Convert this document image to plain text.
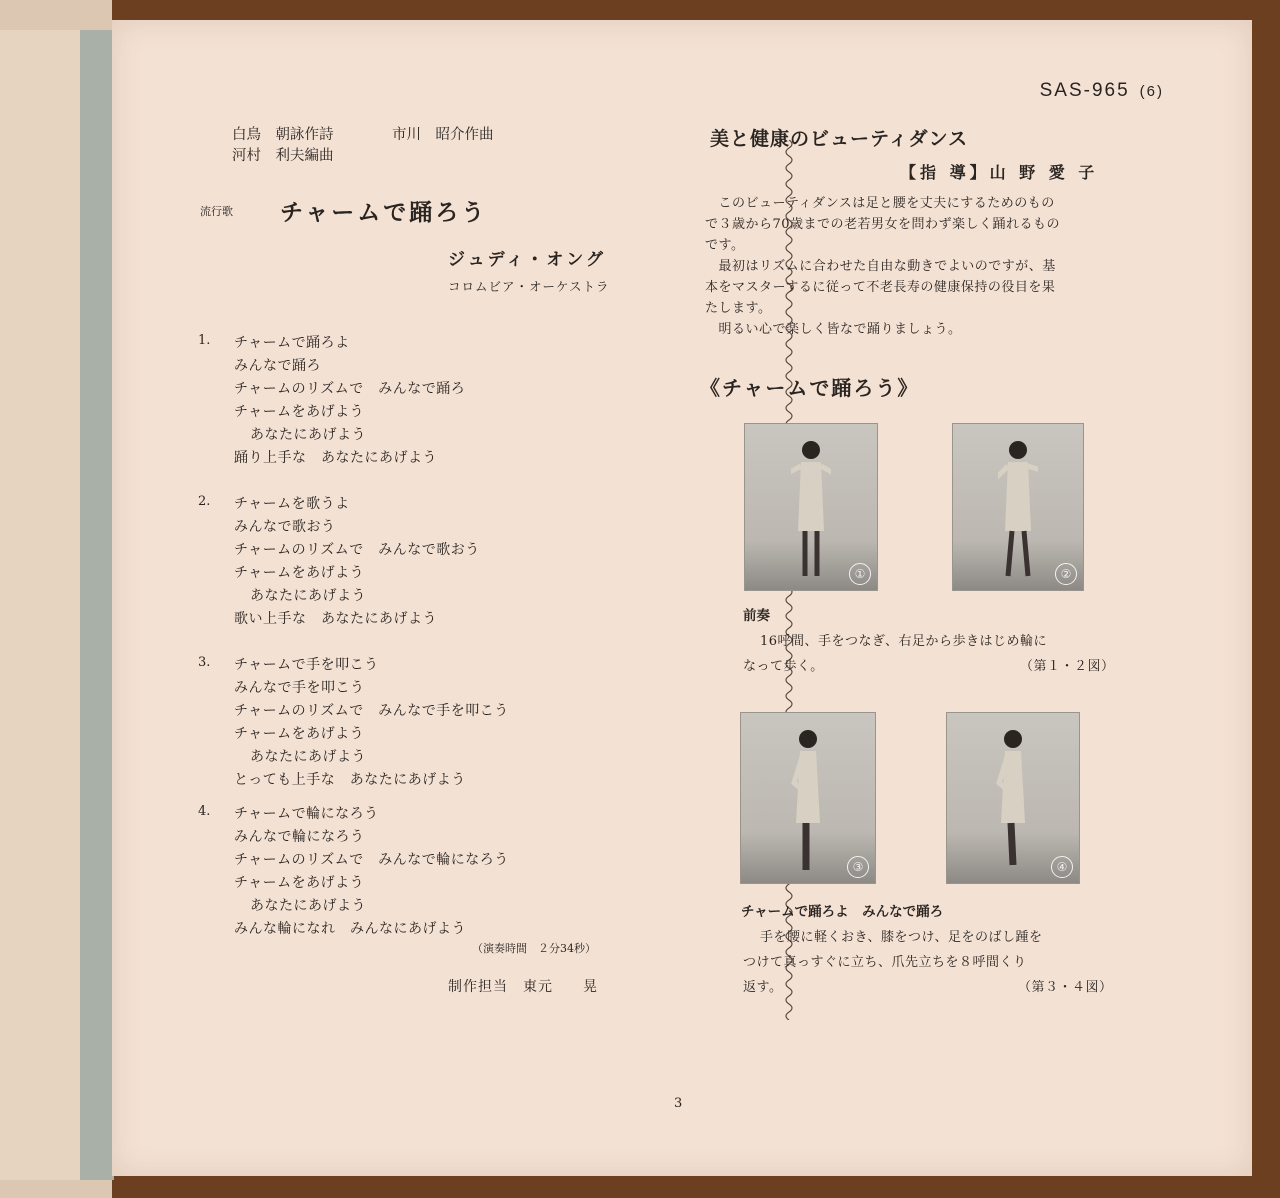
SAS-965 (6)
白鳥　朝詠作詩	市川　昭介作曲
河村　利夫編曲
流行歌 チャームで踊ろう
ジュディ・オング
コロムビア・オーケストラ
1. チャームで踊ろよ
みんなで踊ろ
チャームのリズムで　みんなで踊ろ
チャームをあげよう
あなたにあげよう
踊り上手な　あなたにあげよう
2. チャームを歌うよ
みんなで歌おう
チャームのリズムで　みんなで歌おう
チャームをあげよう
あなたにあげよう
歌い上手な　あなたにあげよう
3. チャームで手を叩こう
みんなで手を叩こう
チャームのリズムで　みんなで手を叩こう
チャームをあげよう
あなたにあげよう
とっても上手な　あなたにあげよう
4. チャームで輪になろう
みんなで輪になろう
チャームのリズムで　みんなで輪になろう
チャームをあげよう
あなたにあげよう
みんな輪になれ　みんなにあげよう
（演奏時間　２分34秒）
制作担当　東元　　晃
3
美と健康のビューティダンス
【指 導】山 野 愛 子
　このビューティダンスは足と腰を丈夫にするためのもの
で３歳から70歳までの老若男女を問わず楽しく踊れるもの
です。
　最初はリズムに合わせた自由な動きでよいのですが、基
本をマスターするに従って不老長寿の健康保持の役目を果
たします。
　明るい心で楽しく皆なで踊りましょう。
《チャームで踊ろう》
①	②
前奏
16呼間、手をつなぎ、右足から歩きはじめ輪に
なって歩く。	（第１・２図）
③	④
チャームで踊ろよ　みんなで踊ろ
手を腰に軽くおき、膝をつけ、足をのばし踵を
つけて真っすぐに立ち、爪先立ちを８呼間くり
返す。	（第３・４図）
